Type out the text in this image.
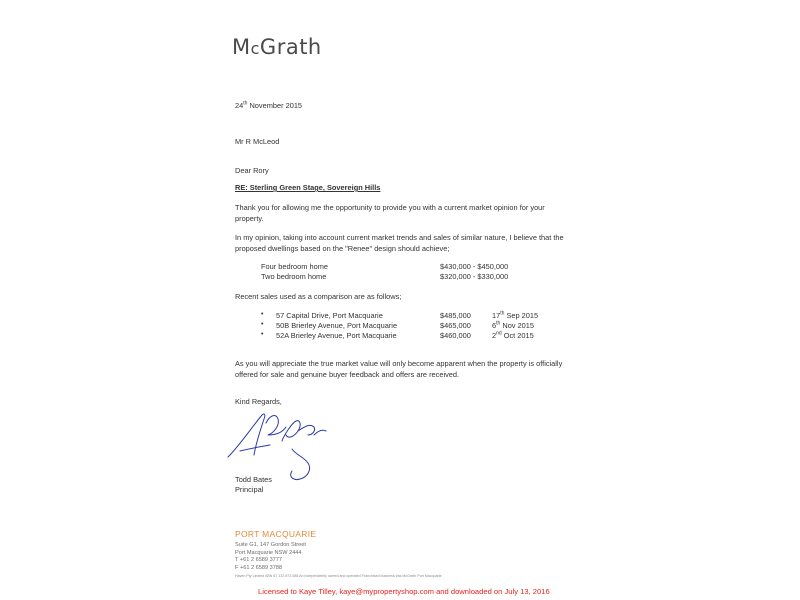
McGrath
24th November 2015
Mr R McLeod
Dear Rory
RE: Sterling Green Stage, Sovereign Hills
Thank you for allowing me the opportunity to provide you with a current market opinion for your
property.
In my opinion, taking into account current market trends and sales of similar nature, I believe that the
proposed dwellings based on the "Renee" design should achieve;
Four bedroom home	$430,000 - $450,000
Two bedroom home	$320,000 - $330,000
Recent sales used as a comparison are as follows;
• 57 Capital Drive, Port Macquarie	$485,000	17th Sep 2015
• 50B Brierley Avenue, Port Macquarie	$465,000	6th Nov 2015
• 52A Brierley Avenue, Port Macquarie	$460,000	2nd Oct 2015
As you will appreciate the true market value will only become apparent when the property is officially
offered for sale and genuine buyer feedback and offers are received.
Kind Regards,
Todd Bates
Principal
PORT MACQUARIE
Suite G1, 147 Gordon Street
Port Macquarie NSW 2444
T +61 2 6589 3777
F +61 2 6589 3788
Haven Pty Limited ABN 67 133 873 586 An independently owned and operated Franchised business t/as McGrath Port Macquarie
Licensed to Kaye Tilley, kaye@mypropertyshop.com and downloaded on July 13, 2016
